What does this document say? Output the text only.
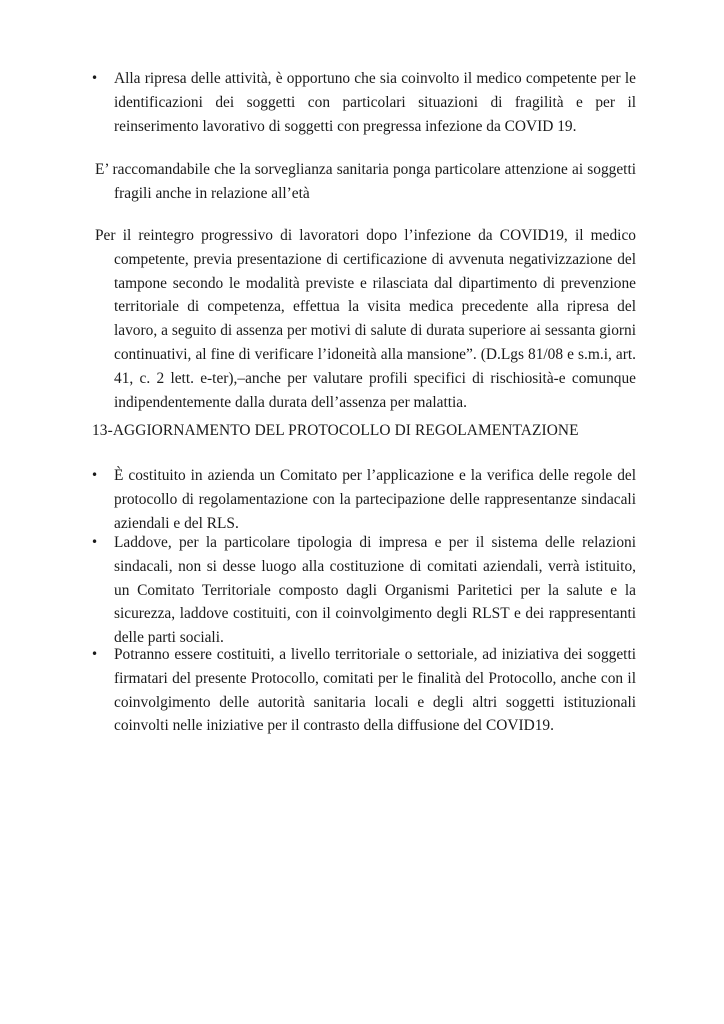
• Alla ripresa delle attività, è opportuno che sia coinvolto il medico competente per le identificazioni dei soggetti con particolari situazioni di fragilità e per il reinserimento lavorativo di soggetti con pregressa infezione da COVID 19.

E’ raccomandabile che la sorveglianza sanitaria ponga particolare attenzione ai soggetti fragili anche in relazione all’età

Per il reintegro progressivo di lavoratori dopo l’infezione da COVID19, il medico competente, previa presentazione di certificazione di avvenuta negativizzazione del tampone secondo le modalità previste e rilasciata dal dipartimento di prevenzione territoriale di competenza, effettua la visita medica precedente alla ripresa del lavoro, a seguito di assenza per motivi di salute di durata superiore ai sessanta giorni continuativi, al fine di verificare l’idoneità alla mansione”. (D.Lgs 81/08 e s.m.i, art. 41, c. 2 lett. e-ter),–anche per valutare profili specifici di rischiosità-e comunque indipendentemente dalla durata dell’assenza per malattia.

13-AGGIORNAMENTO DEL PROTOCOLLO DI REGOLAMENTAZIONE

• È costituito in azienda un Comitato per l’applicazione e la verifica delle regole del protocollo di regolamentazione con la partecipazione delle rappresentanze sindacali aziendali e del RLS.

• Laddove, per la particolare tipologia di impresa e per il sistema delle relazioni sindacali, non si desse luogo alla costituzione di comitati aziendali, verrà istituito, un Comitato Territoriale composto dagli Organismi Paritetici per la salute e la sicurezza, laddove costituiti, con il coinvolgimento degli RLST e dei rappresentanti delle parti sociali.

• Potranno essere costituiti, a livello territoriale o settoriale, ad iniziativa dei soggetti firmatari del presente Protocollo, comitati per le finalità del Protocollo, anche con il coinvolgimento delle autorità sanitaria locali e degli altri soggetti istituzionali coinvolti nelle iniziative per il contrasto della diffusione del COVID19.
